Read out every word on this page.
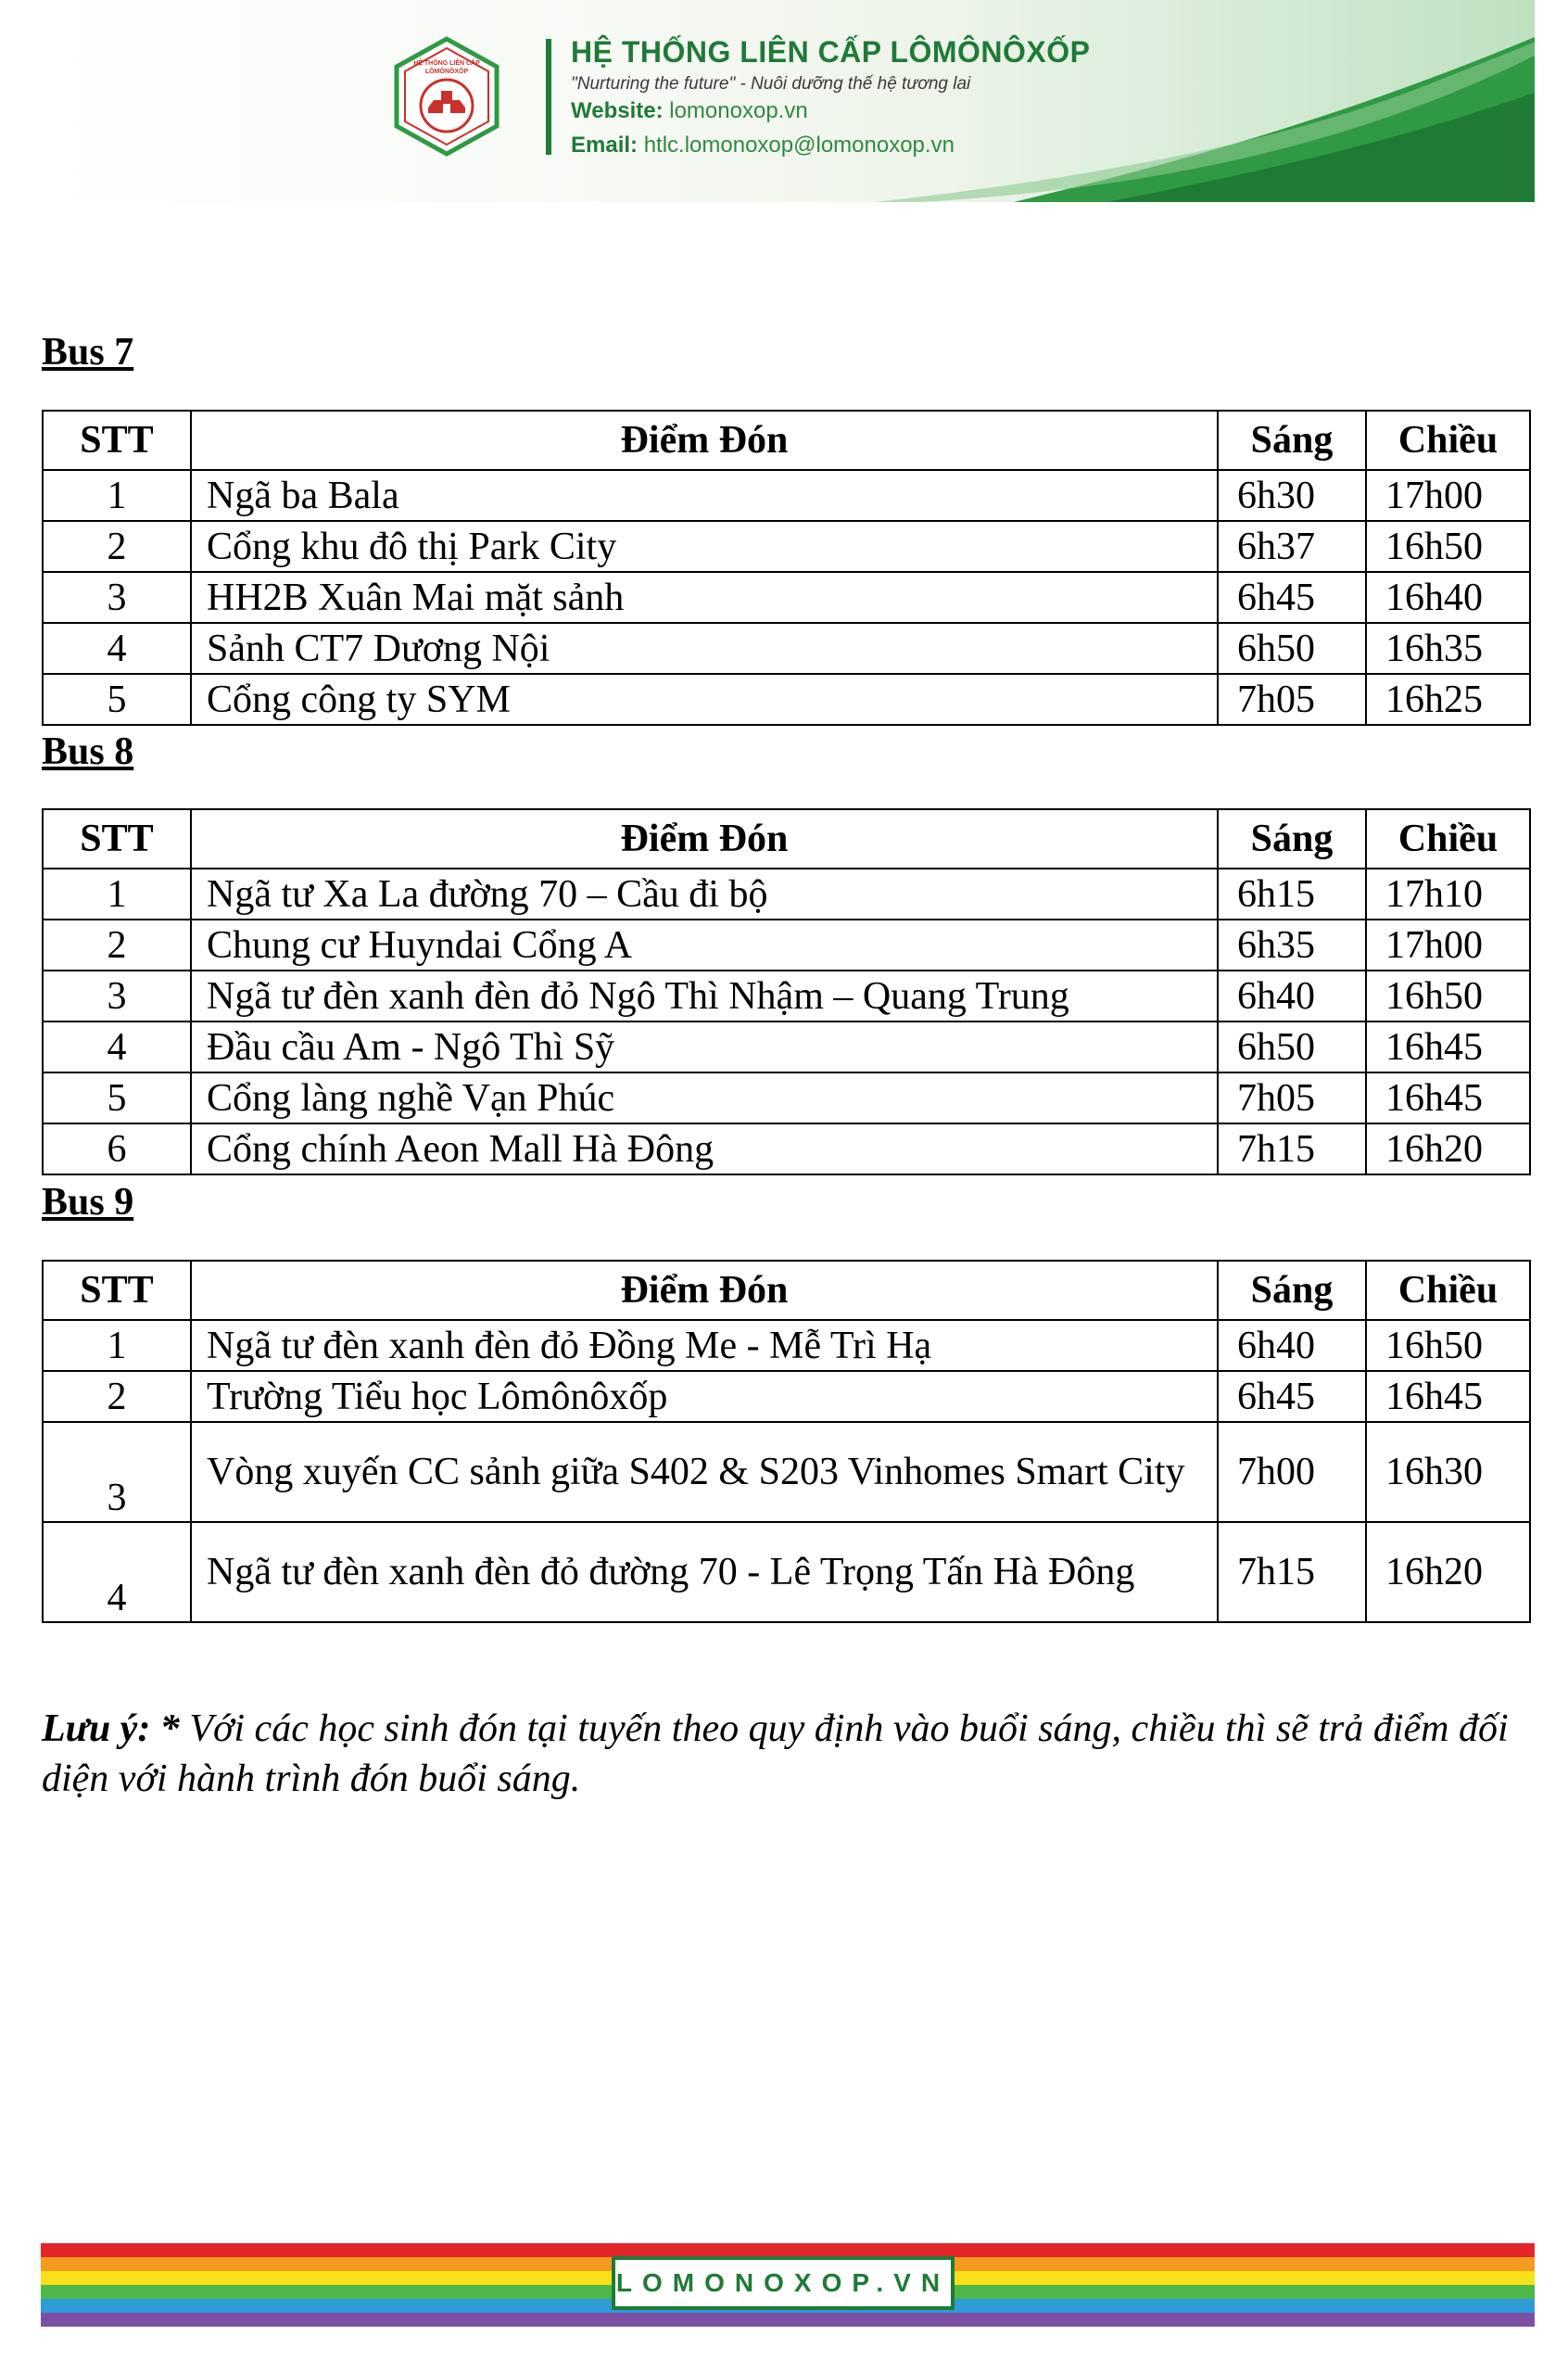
HỆ THỐNG LIÊN CẤP
LÔMÔNÔXỐP
HỆ THỐNG LIÊN CẤP LÔMÔNÔXỐP
"Nurturing the future" - Nuôi dưỡng thế hệ tương lai
Website: lomonoxop.vn
Email: htlc.lomonoxop@lomonoxop.vn
Bus 7
STT	Điểm Đón	Sáng	Chiều
1	Ngã ba Bala	6h30	17h00
2	Cổng khu đô thị Park City	6h37	16h50
3	HH2B Xuân Mai mặt sảnh	6h45	16h40
4	Sảnh CT7 Dương Nội	6h50	16h35
5	Cổng công ty SYM	7h05	16h25
Bus 8
STT	Điểm Đón	Sáng	Chiều
1	Ngã tư Xa La đường 70 – Cầu đi bộ	6h15	17h10
2	Chung cư Huyndai Cổng A	6h35	17h00
3	Ngã tư đèn xanh đèn đỏ Ngô Thì Nhậm – Quang Trung	6h40	16h50
4	Đầu cầu Am - Ngô Thì Sỹ	6h50	16h45
5	Cổng làng nghề Vạn Phúc	7h05	16h45
6	Cổng chính Aeon Mall Hà Đông	7h15	16h20
Bus 9
STT	Điểm Đón	Sáng	Chiều
1	Ngã tư đèn xanh đèn đỏ Đồng Me - Mễ Trì Hạ	6h40	16h50
2	Trường Tiểu học Lômônôxốp	6h45	16h45
3	Vòng xuyến CC sảnh giữa S402 & S203 Vinhomes Smart City	7h00	16h30
4	Ngã tư đèn xanh đèn đỏ đường 70 - Lê Trọng Tấn Hà Đông	7h15	16h20
Lưu ý: * Với các học sinh đón tại tuyến theo quy định vào buổi sáng, chiều thì sẽ trả điểm đối diện với hành trình đón buổi sáng.
LOMONOXOP.VN
